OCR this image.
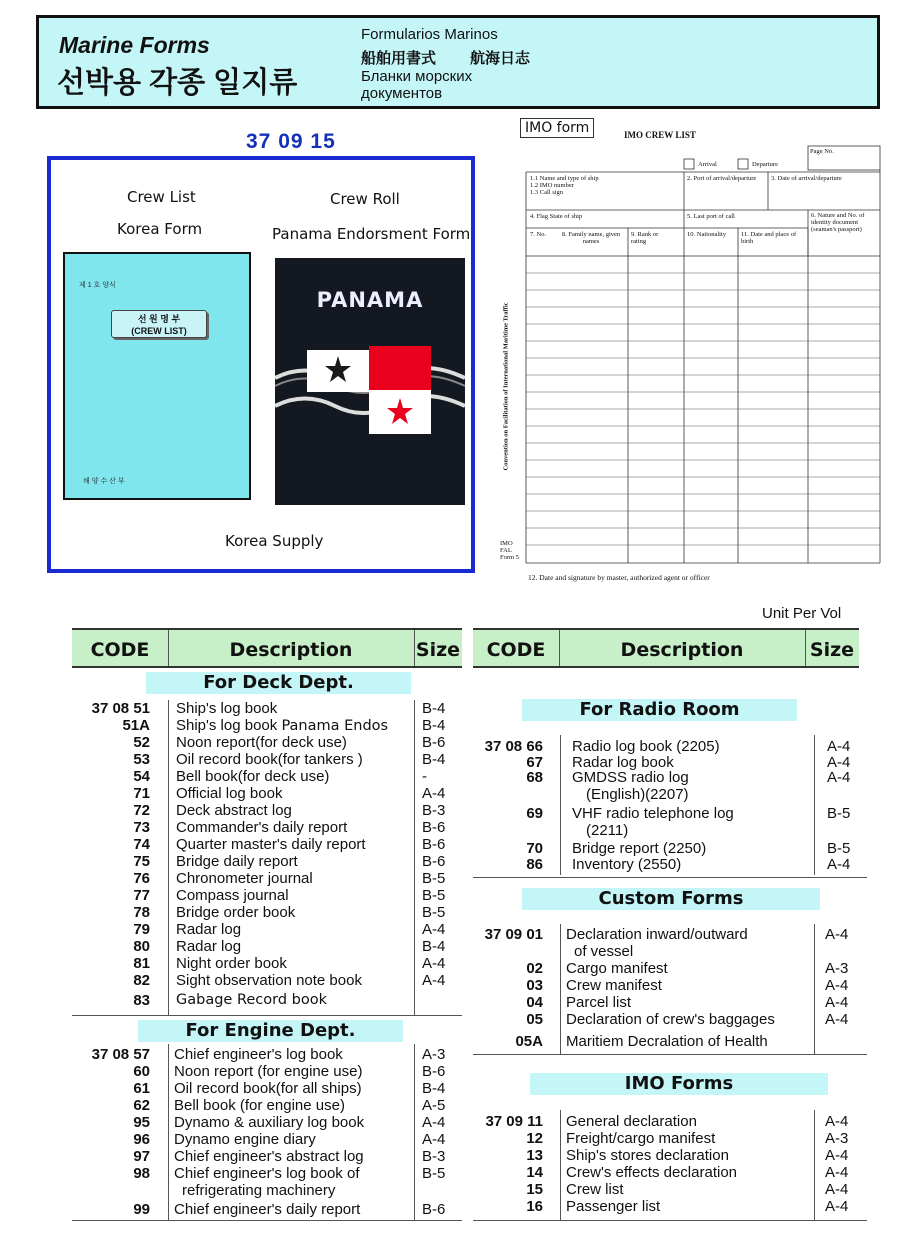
Marine Forms
선박용 각종 일지류
Formularios Marinos
船舶用書式 航海日志
Бланки морских
документов
37 09 15
Crew List
Korea Form
Crew Roll
Panama Endorsment Form
제 1 호 양식
선 원 명 부
(CREW LIST)
해 양 수 산 부
PANAMA
Korea Supply
IMO form	IMO CREW LIST
Page No.
Arrival	Departure
1.1 Name and type of ship
1.2 IMO number
1.3 Call sign
2. Port of arrival/departure	3. Date of arrival/departure
4. Flag State of ship	5. Last port of call	6. Nature and No. of identity document (seaman's passport)
7. No.	8. Family name, given names
9. Rank or rating
10. Nationality 11. Date and place of birth
Convention on Facilitation of International Maritime Traffic
IMO FAL Form 5
12. Date and signature by master, authorized agent or officer
Unit Per Vol
CODE	Description	Size
For Deck Dept.
37 08 51 Ship's log book	B-4
51A Ship's log book Panama Endos B-4
52 Noon report(for deck use)	B-6
53 Oil record book(for tankers )	B-4
54 Bell book(for deck use)	-
71 Official log book	A-4
72 Deck abstract log	B-3
73 Commander's daily report	B-6
74 Quarter master's daily report	B-6
75 Bridge daily report	B-6
76 Chronometer journal	B-5
77 Compass journal	B-5
78 Bridge order book	B-5
79 Radar log	A-4
80 Radar log	B-4
81 Night order book	A-4
82 Sight observation note book	A-4
83 Gabage Record book
For Engine Dept.
37 08 57 Chief engineer's log book	A-3
60 Noon report (for engine use)	B-6
61 Oil record book(for all ships)	B-4
62 Bell book (for engine use)	A-5
95 Dynamo & auxiliary log book	A-4
96 Dynamo engine diary	A-4
97 Chief engineer's abstract log	B-3
98 Chief engineer's log book of	B-5
refrigerating machinery
99 Chief engineer's daily report	B-6
CODE	Description	Size
For Radio Room
37 08 66 Radio log book (2205)	A-4
67 Radar log book	A-4
68 GMDSS radio log	A-4
(English)(2207)
69 VHF radio telephone log	B-5
(2211)
70 Bridge report (2250)	B-5
86 Inventory (2550)	A-4
Custom Forms
37 09 01 Declaration inward/outward	A-4
of vessel
02 Cargo manifest	A-3
03 Crew manifest	A-4
04 Parcel list	A-4
05 Declaration of crew's baggages	A-4
05A Maritiem Decralation of Health
IMO Forms
37 09 11 General declaration	A-4
12 Freight/cargo manifest	A-3
13 Ship's stores declaration	A-4
14 Crew's effects declaration	A-4
15 Crew list	A-4
16 Passenger list	A-4
